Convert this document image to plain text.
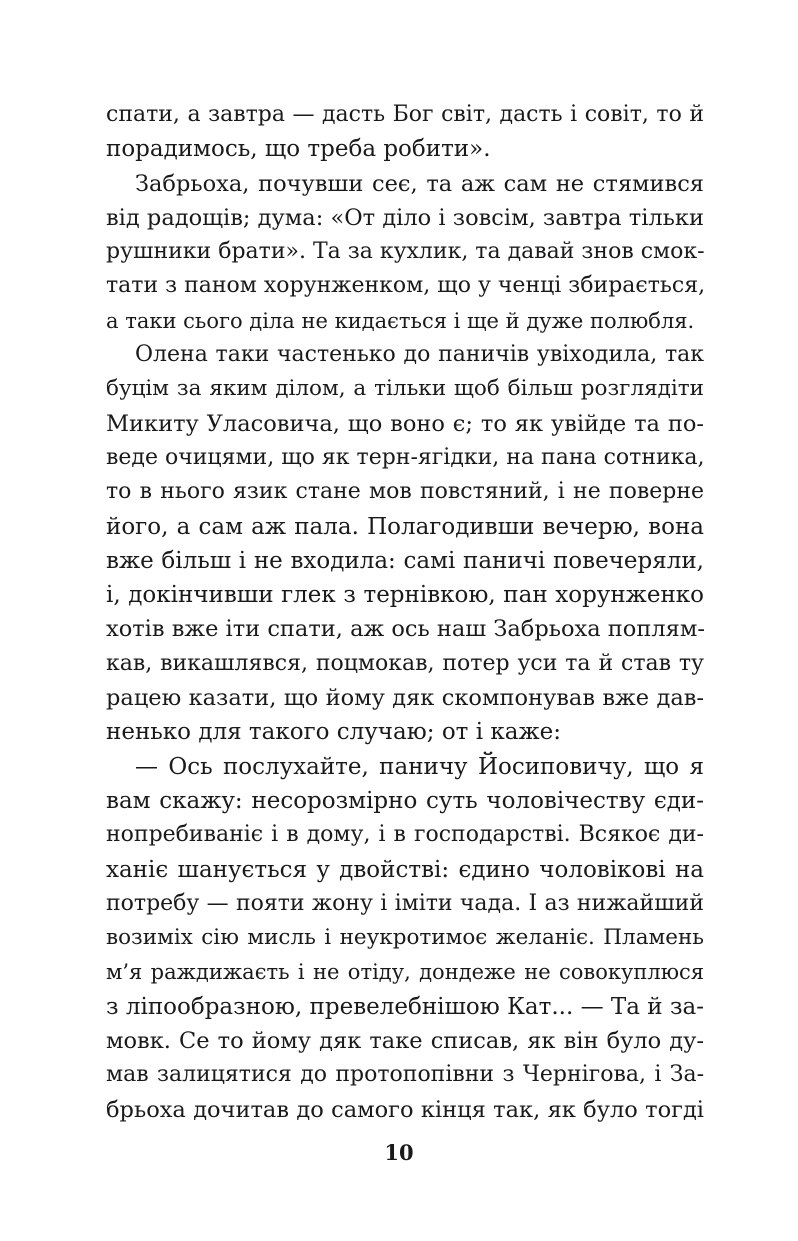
спати, а завтра — дасть Бог світ, дасть і совіт, то й
порадимось, що треба робити».
Забрьоха, почувши сеє, та аж сам не стямився
від радощів; дума: «От діло і зовсім, завтра тільки
рушники брати». Та за кухлик, та давай знов смок-
тати з паном хорунженком, що у ченці збирається,
а таки сього діла не кидається і ще й дуже полюбля.
Олена таки частенько до паничів увіходила, так
буцім за яким ділом, а тільки щоб більш розглядіти
Микиту Уласовича, що воно є; то як увійде та по-
веде очицями, що як терн-ягідки, на пана сотника,
то в нього язик стане мов повстяний, і не поверне
його, а сам аж пала. Полагодивши вечерю, вона
вже більш і не входила: самі паничі повечеряли,
і, докінчивши глек з тернівкою, пан хорунженко
хотів вже іти спати, аж ось наш Забрьоха поплям-
кав, викашлявся, поцмокав, потер уси та й став ту
рацею казати, що йому дяк скомпонував вже дав-
ненько для такого случаю; от і каже:
— Ось послухайте, паничу Йосиповичу, що я
вам скажу: несорозмірно суть чоловічеству єди-
нопребиваніє і в дому, і в господарстві. Всякоє ди-
ханіє шанується у двойстві: єдино чоловікові на
потребу — пояти жону і іміти чада. І аз нижайший
возиміх сію мисль і неукротимоє желаніє. Пламень
м’я раждижаєть і не отіду, дондеже не совокуплюся
з ліпообразною, превелебнішою Кат... — Та й за-
мовк. Се то йому дяк таке списав, як він було ду-
мав залицятися до протопопівни з Чернігова, і За-
брьоха дочитав до самого кінця так, як було тогді
10
